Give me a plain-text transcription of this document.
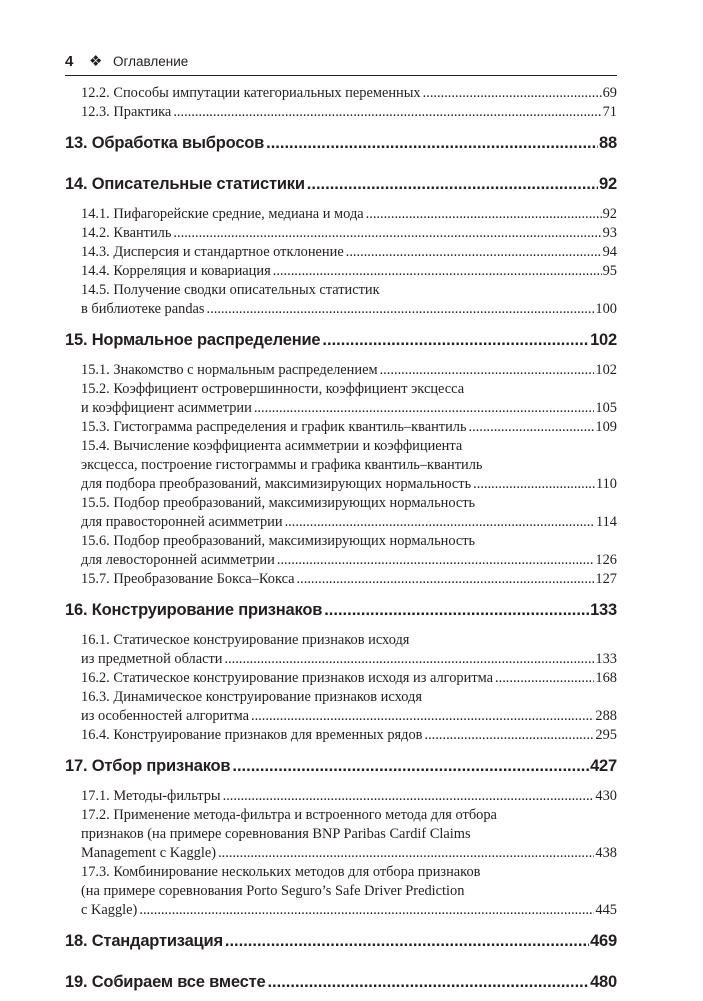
4 ❖ Оглавление
12.2. Способы импутации категориальных переменных .....	69
12.3. Практика .....	71
13. Обработка выбросов .....	88
14. Описательные статистики .....	92
14.1. Пифагорейские средние, медиана и мода .....	92
14.2. Квантиль .....	93
14.3. Дисперсия и стандартное отклонение .....	94
14.4. Корреляция и ковариация .....	95
14.5. Получение сводки описательных статистик
в библиотеке pandas .....	100
15. Нормальное распределение .....	102
15.1. Знакомство с нормальным распределением .....	102
15.2. Коэффициент островершинности, коэффициент эксцесса
и коэффициент асимметрии .....	105
15.3. Гистограмма распределения и график квантиль–квантиль .....	109
15.4. Вычисление коэффициента асимметрии и коэффициента
эксцесса, построение гистограммы и графика квантиль–квантиль
для подбора преобразований, максимизирующих нормальность .....	110
15.5. Подбор преобразований, максимизирующих нормальность
для правосторонней асимметрии .....	114
15.6. Подбор преобразований, максимизирующих нормальность
для левосторонней асимметрии .....	126
15.7. Преобразование Бокса–Кокса .....	127
16. Конструирование признаков .....	133
16.1. Статическое конструирование признаков исходя
из предметной области .....	133
16.2. Статическое конструирование признаков исходя из алгоритма .....	168
16.3. Динамическое конструирование признаков исходя
из особенностей алгоритма .....	288
16.4. Конструирование признаков для временных рядов .....	295
17. Отбор признаков .....	427
17.1. Методы-фильтры .....	430
17.2. Применение метода-фильтра и встроенного метода для отбора
признаков (на примере соревнования BNP Paribas Cardif Claims
Management с Kaggle) .....	438
17.3. Комбинирование нескольких методов для отбора признаков
(на примере соревнования Porto Seguro’s Safe Driver Prediction
с Kaggle) .....	445
18. Стандартизация .....	469
19. Собираем все вместе .....	480
